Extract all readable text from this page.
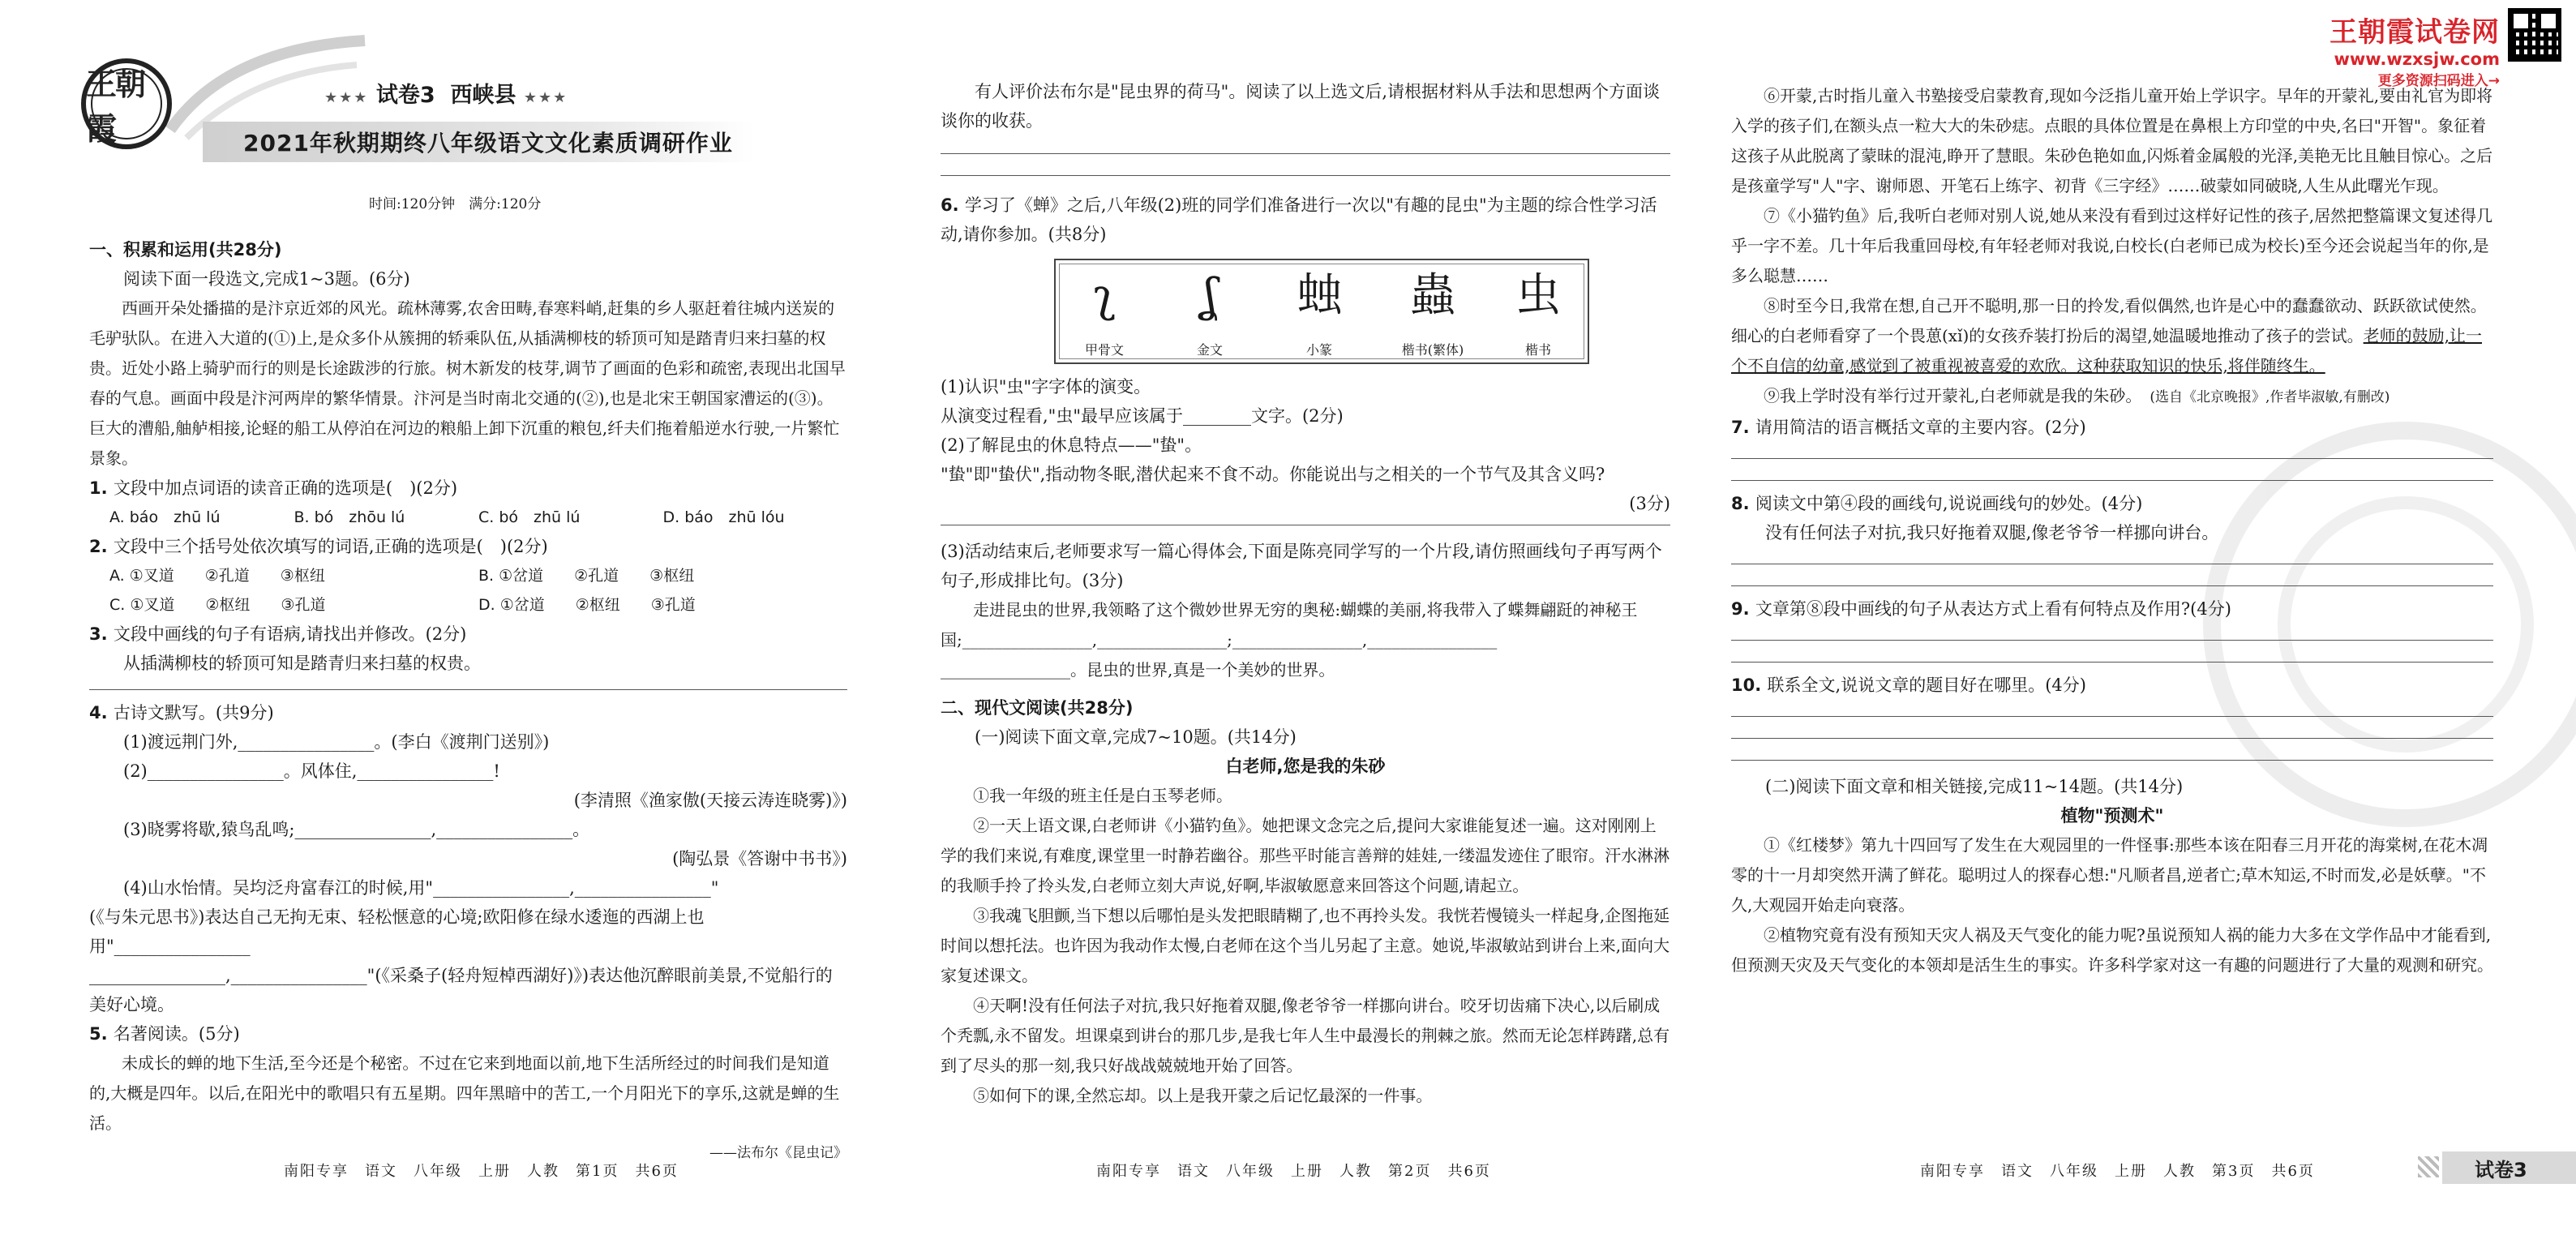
王朝霞
★★★ 试卷3 西峡县 ★★★
2021年秋期期终八年级语文文化素质调研作业
时间:120分钟　满分:120分
王朝霞试卷网
www.wzxsjw.com
更多资源扫码进入→

一、积累和运用(共28分)

阅读下面一段选文,完成1~3题。(6分)

西画开朵处播描的是汴京近郊的风光。疏林薄雾,农舍田畴,春寒料峭,赶集的乡人驱赶着往城内送炭的毛驴驮队。在进入大道的(①)上,是众多仆从簇拥的轿乘队伍,从插满柳枝的轿顶可知是踏青归来扫墓的权贵。近处小路上骑驴而行的则是长途跋涉的行旅。树木新发的枝芽,调节了画面的色彩和疏密,表现出北国早春的气息。画面中段是汴河两岸的繁华情景。汴河是当时南北交通的(②),也是北宋王朝国家漕运的(③)。巨大的漕船,舳舻相接,论蛏的船工从停泊在河边的粮船上卸下沉重的粮包,纤夫们拖着船逆水行驶,一片繁忙景象。

1. 文段中加点词语的读音正确的选项是(　)(2分)

A. báo　zhū lú	B. bó　zhōu lú	C. bó　zhū lú	D. báo　zhū lóu

2. 文段中三个括号处依次填写的词语,正确的选项是(　)(2分)

A. ①叉道　　②孔道　　③枢纽	B. ①岔道　　②孔道　　③枢纽
C. ①叉道　　②枢纽　　③孔道	D. ①岔道　　②枢纽　　③孔道

3. 文段中画线的句子有语病,请找出并修改。(2分)

从插满柳枝的轿顶可知是踏青归来扫墓的权贵。

4. 古诗文默写。(共9分)

(1)渡远荆门外,________________。(李白《渡荆门送别》)

(2)________________。风体住,________________!

(李清照《渔家傲(天接云涛连晓雾)》)

(3)晓雾将歇,猿鸟乱鸣;________________,________________。

(陶弘景《答谢中书书》)

(4)山水怡情。吴均泛舟富春江的时候,用"________________,________________"

(《与朱元思书》)表达自己无拘无束、轻松惬意的心境;欧阳修在绿水逶迤的西湖上也用"________________

________________,________________"(《采桑子(轻舟短棹西湖好)》)表达他沉醉眼前美景,不觉船行的美好心境。

5. 名著阅读。(5分)

未成长的蝉的地下生活,至今还是个秘密。不过在它来到地面以前,地下生活所经过的时间我们是知道的,大概是四年。以后,在阳光中的歌唱只有五星期。四年黑暗中的苦工,一个月阳光下的享乐,这就是蝉的生活。

——法布尔《昆虫记》

有人评价法布尔是"昆虫界的荷马"。阅读了以上选文后,请根据材料从手法和思想两个方面谈谈你的收获。

6. 学习了《蝉》之后,八年级(2)班的同学们准备进行一次以"有趣的昆虫"为主题的综合性学习活动,请你参加。(共8分)

ʅ
甲骨文
ʆ
金文
䖵
小篆
蟲
楷书(繁体)
虫
楷书

(1)认识"虫"字字体的演变。

从演变过程看,"虫"最早应该属于________文字。(2分)

(2)了解昆虫的休息特点——"蛰"。

"蛰"即"蛰伏",指动物冬眠,潜伏起来不食不动。你能说出与之相关的一个节气及其含义吗?

(3分)

(3)活动结束后,老师要求写一篇心得体会,下面是陈亮同学写的一个片段,请仿照画线句子再写两个句子,形成排比句。(3分)

走进昆虫的世界,我领略了这个微妙世界无穷的奥秘:蝴蝶的美丽,将我带入了蝶舞翩跹的神秘王国;________________,________________;________________,________________

________________。昆虫的世界,真是一个美妙的世界。

二、现代文阅读(共28分)

(一)阅读下面文章,完成7~10题。(共14分)

白老师,您是我的朱砂

①我一年级的班主任是白玉琴老师。

②一天上语文课,白老师讲《小猫钓鱼》。她把课文念完之后,提问大家谁能复述一遍。这对刚刚上学的我们来说,有难度,课堂里一时静若幽谷。那些平时能言善辩的娃娃,一缕温发迹住了眼帘。汗水淋淋的我顺手拎了拎头发,白老师立刻大声说,好啊,毕淑敏愿意来回答这个问题,请起立。

③我魂飞胆颤,当下想以后哪怕是头发把眼睛糊了,也不再拎头发。我恍若慢镜头一样起身,企图拖延时间以想托法。也许因为我动作太慢,白老师在这个当儿另起了主意。她说,毕淑敏站到讲台上来,面向大家复述课文。

④天啊!没有任何法子对抗,我只好拖着双腿,像老爷爷一样挪向讲台。咬牙切齿痛下决心,以后刷成个秃瓢,永不留发。坦课桌到讲台的那几步,是我七年人生中最漫长的荆棘之旅。然而无论怎样踌躇,总有到了尽头的那一刻,我只好战战兢兢地开始了回答。

⑤如何下的课,全然忘却。以上是我开蒙之后记忆最深的一件事。

⑥开蒙,古时指儿童入书塾接受启蒙教育,现如今泛指儿童开始上学识字。早年的开蒙礼,要由礼官为即将入学的孩子们,在额头点一粒大大的朱砂痣。点眼的具体位置是在鼻根上方印堂的中央,名曰"开智"。象征着这孩子从此脱离了蒙昧的混沌,睁开了慧眼。朱砂色艳如血,闪烁着金属般的光泽,美艳无比且触目惊心。之后是孩童学写"人"字、谢师恩、开笔石上练字、初背《三字经》……破蒙如同破晓,人生从此曙光乍现。

⑦《小猫钓鱼》后,我听白老师对别人说,她从来没有看到过这样好记性的孩子,居然把整篇课文复述得几乎一字不差。几十年后我重回母校,有年轻老师对我说,白校长(白老师已成为校长)至今还会说起当年的你,是多么聪慧……

⑧时至今日,我常在想,自己开不聪明,那一日的拎发,看似偶然,也许是心中的蠢蠢欲动、跃跃欲试使然。细心的白老师看穿了一个畏葸(xǐ)的女孩乔装打扮后的渴望,她温暖地推动了孩子的尝试。老师的鼓励,让一个不自信的幼童,感觉到了被重视被喜爱的欢欣。这种获取知识的快乐,将伴随终生。

⑨我上学时没有举行过开蒙礼,白老师就是我的朱砂。　 (选自《北京晚报》,作者毕淑敏,有删改)

7. 请用简洁的语言概括文章的主要内容。(2分)

8. 阅读文中第④段的画线句,说说画线句的妙处。(4分)

没有任何法子对抗,我只好拖着双腿,像老爷爷一样挪向讲台。

9. 文章第⑧段中画线的句子从表达方式上看有何特点及作用?(4分)

10. 联系全文,说说文章的题目好在哪里。(4分)

(二)阅读下面文章和相关链接,完成11~14题。(共14分)

植物"预测术"

①《红楼梦》第九十四回写了发生在大观园里的一件怪事:那些本该在阳春三月开花的海棠树,在花木凋零的十一月却突然开满了鲜花。聪明过人的探春心想:"凡顺者昌,逆者亡;草木知运,不时而发,必是妖孽。"不久,大观园开始走向衰落。

②植物究竟有没有预知天灾人祸及天气变化的能力呢?虽说预知人祸的能力大多在文学作品中才能看到,但预测天灾及天气变化的本领却是活生生的事实。许多科学家对这一有趣的问题进行了大量的观测和研究。

南阳专享　语文　八年级　上册　人教　第1页　共6页	南阳专享　语文　八年级　上册　人教　第2页　共6页	南阳专享　语文　八年级　上册　人教　第3页　共6页	试卷3
